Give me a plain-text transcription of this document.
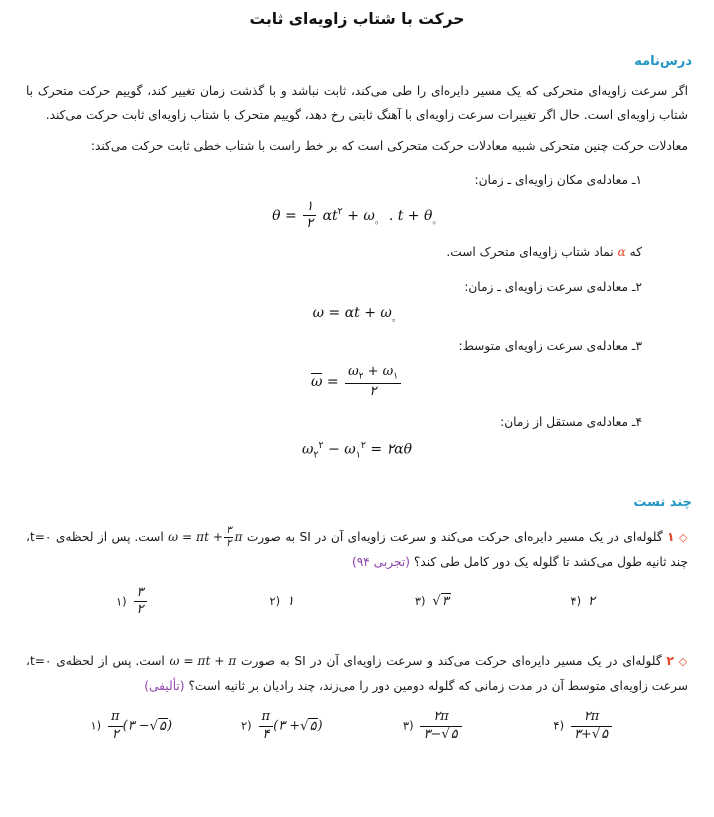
حرکت با شتاب زاویه‌ای ثابت
درس‌نامه

اگر سرعت زاویه‌ای متحرکی که یک مسیر دایره‌ای را طی می‌کند، ثابت نباشد و با گذشت زمان تغییر کند، گوییم حرکت متحرک با شتاب زاویه‌ای است. حال اگر تغییرات سرعت زاویه‌ای با آهنگ ثابتی رخ دهد، گوییم متحرک با شتاب زاویه‌ای ثابت حرکت می‌کند.

معادلات حرکت چنین متحرکی شبیه معادلات حرکت متحرکی است که بر خط راست با شتاب خطی ثابت حرکت می‌کند:

۱ـ معادله‌ی مکان زاویه‌ای ـ زمان:
$\theta = \frac{۱}{۲} \alpha t^۲ + \omega_。$ . $t + \theta_。$

که α نماد شتاب زاویه‌ای متحرک است.

۲ـ معادله‌ی سرعت زاویه‌ای ـ زمان:
$\omega = \alpha t + \omega_。$
۳ـ معادله‌ی سرعت زاویه‌ای متوسط:
$\omega = \frac{\omega_۲ + \omega_۱}{۲}$
۴ـ معادله‌ی مستقل از زمان:
$\omega_۲^۲ - \omega_۱^۲$ = ۲αθ
چند تست

◇ ۱ گلوله‌ای در یک مسیر دایره‌ای حرکت می‌کند و سرعت زاویه‌ای آن در SI به صورت $\omega = \pi t + \frac{۳}{۲}$ π است. پس از لحظه‌ی t=۰، چند ثانیه طول می‌کشد تا گلوله یک دور کامل طی کند؟ (تجربی ۹۴)

۲ (۴
√۳ (۳
۱ (۲
$\frac{۳}{۲}$
(۱

◇ ۲ گلوله‌ای در یک مسیر دایره‌ای حرکت می‌کند و سرعت زاویه‌ای آن در SI به صورت ω = πt + π است. پس از لحظه‌ی t=۰، سرعت زاویه‌ای متوسط آن در مدت زمانی که گلوله دومین دور را می‌زند، چند رادیان بر ثانیه است؟ (تألیفی)

$\frac{۲\pi}{۳+√۵}$
(۴
$\frac{۲\pi}{۳-√۵}$
(۳
$\frac{\pi}{۴}$ (۳ +√۵) (۲
$\frac{\pi}{۲}$ (۳ −√۵) (۱
